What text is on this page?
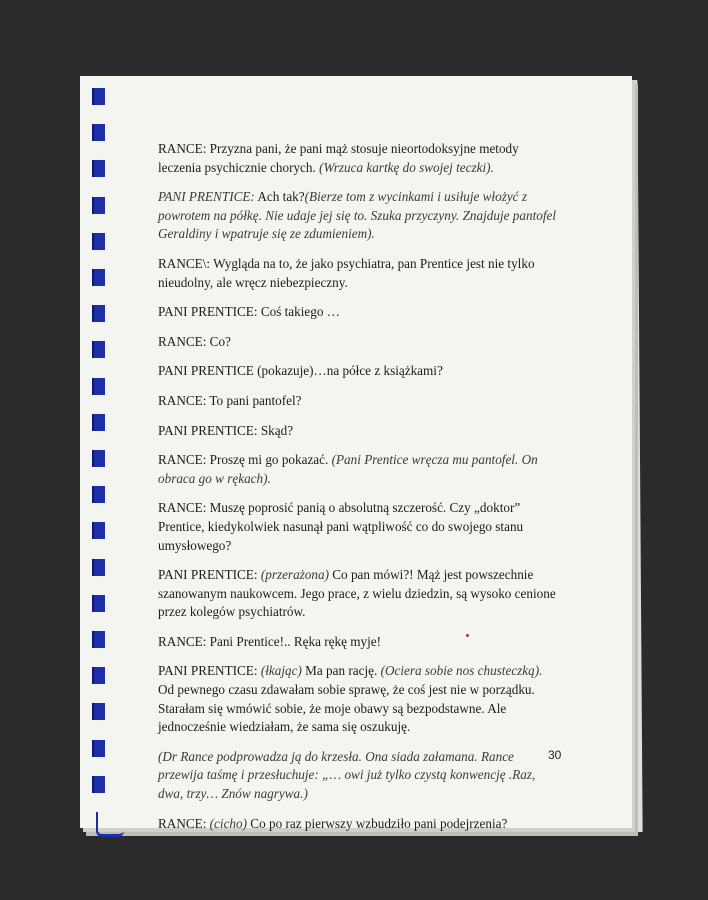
RANCE: Przyzna pani, że pani mąż stosuje nieortodoksyjne metody leczenia psychicznie chorych. (Wrzuca kartkę do swojej teczki).

PANI PRENTICE: Ach tak?(Bierze tom z wycinkami i usiłuje włożyć z powrotem na półkę. Nie udaje jej się to. Szuka przyczyny. Znajduje pantofel Geraldiny i wpatruje się ze zdumieniem).

RANCE\: Wygląda na to, że jako psychiatra, pan Prentice jest nie tylko nieudolny, ale wręcz niebezpieczny.

PANI PRENTICE: Coś takiego …

RANCE: Co?

PANI PRENTICE (pokazuje)…na półce z książkami?

RANCE: To pani pantofel?

PANI PRENTICE: Skąd?

RANCE: Proszę mi go pokazać. (Pani Prentice wręcza mu pantofel. On obraca go w rękach).

RANCE: Muszę poprosić panią o absolutną szczerość. Czy „doktor” Prentice, kiedykolwiek nasunął pani wątpliwość co do swojego stanu umysłowego?

PANI PRENTICE: (przerażona) Co pan mówi?! Mąż jest powszechnie szanowanym naukowcem. Jego prace, z wielu dziedzin, są wysoko cenione przez kolegów psychiatrów.

RANCE: Pani Prentice!.. Ręka rękę myje!

PANI PRENTICE: (łkając) Ma pan rację. (Ociera sobie nos chusteczką). Od pewnego czasu zdawałam sobie sprawę, że coś jest nie w porządku. Starałam się wmówić sobie, że moje obawy są bezpodstawne. Ale jednocześnie wiedziałam, że sama się oszukuję.

(Dr Rance podprowadza ją do krzesła. Ona siada załamana. Rance przewija taśmę i przesłuchuje: „… owi już tylko czystą konwencję .Raz, dwa, trzy… Znów nagrywa.)

RANCE: (cicho) Co po raz pierwszy wzbudziło pani podejrzenia?

30
